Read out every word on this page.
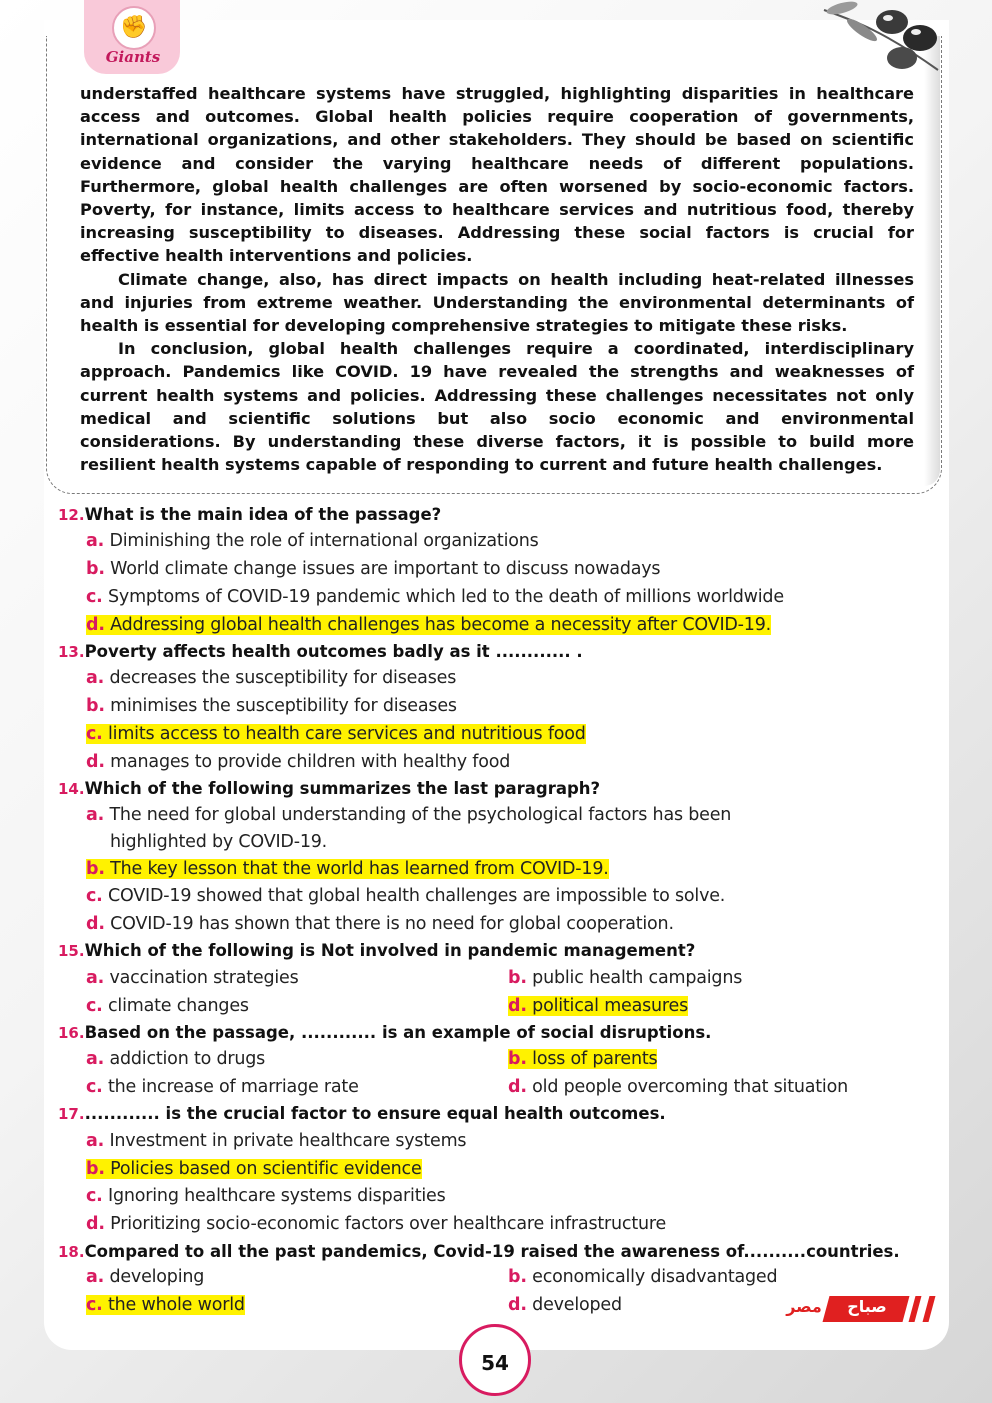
✊
Giants

understaffed healthcare systems have struggled, highlighting disparities in healthcare access and outcomes. Global health policies require cooperation of governments, international organizations, and other stakeholders. They should be based on scientific evidence and consider the varying healthcare needs of different populations. Furthermore, global health challenges are often worsened by socio-economic factors. Poverty, for instance, limits access to healthcare services and nutritious food, thereby increasing susceptibility to diseases. Addressing these social factors is crucial for effective health interventions and policies.

Climate change, also, has direct impacts on health including heat-related illnesses and injuries from extreme weather. Understanding the environmental determinants of health is essential for developing comprehensive strategies to mitigate these risks.

In conclusion, global health challenges require a coordinated, interdisciplinary approach. Pandemics like COVID. 19 have revealed the strengths and weaknesses of current health systems and policies. Addressing these challenges necessitates not only medical and scientific solutions but also socio economic and environmental considerations. By understanding these diverse factors, it is possible to build more resilient health systems capable of responding to current and future health challenges.

12.What is the main idea of the passage?
a. Diminishing the role of international organizations
b. World climate change issues are important to discuss nowadays
c. Symptoms of COVID-19 pandemic which led to the death of millions worldwide
d. Addressing global health challenges has become a necessity after COVID-19.
13.Poverty affects health outcomes badly as it ............ .
a. decreases the susceptibility for diseases
b. minimises the susceptibility for diseases
c. limits access to health care services and nutritious food
d. manages to provide children with healthy food
14.Which of the following summarizes the last paragraph?
a. The need for global understanding of the psychological factors has been
highlighted by COVID-19.
b. The key lesson that the world has learned from COVID-19.
c. COVID-19 showed that global health challenges are impossible to solve.
d. COVID-19 has shown that there is no need for global cooperation.
15.Which of the following is Not involved in pandemic management?
a. vaccination strategies	b. public health campaigns
c. climate changes	d. political measures
16.Based on the passage, ............ is an example of social disruptions.
a. addiction to drugs	b. loss of parents
c. the increase of marriage rate	d. old people overcoming that situation
17............. is the crucial factor to ensure equal health outcomes.
a. Investment in private healthcare systems
b. Policies based on scientific evidence
c. Ignoring healthcare systems disparities
d. Prioritizing socio-economic factors over healthcare infrastructure
18.Compared to all the past pandemics, Covid-19 raised the awareness of..........countries.
a. developing	b. economically disadvantaged
c. the whole world	d. developed	صباح
مصر
54
